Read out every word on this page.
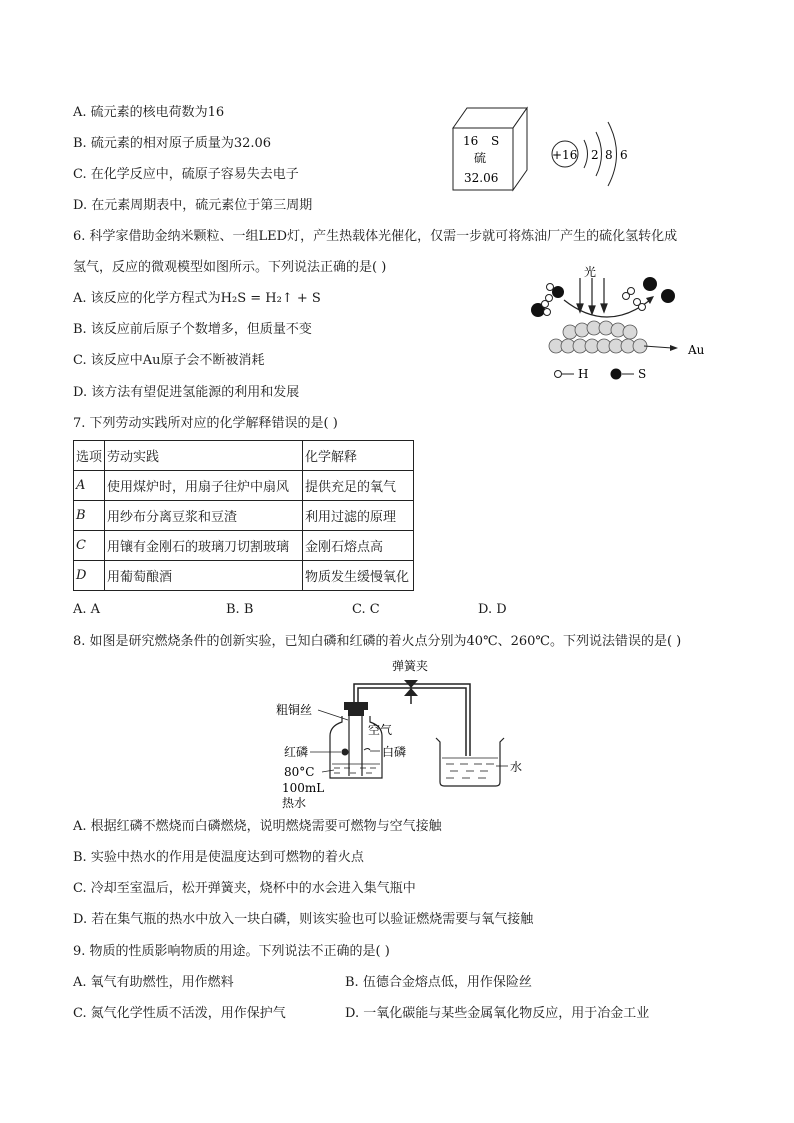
A. 硫元素的核电荷数为16
B. 硫元素的相对原子质量为32.06
C. 在化学反应中，硫原子容易失去电子
D. 在元素周期表中，硫元素位于第三周期
16 S
硫
32.06
+16 2 8 6
6. 科学家借助金纳米颗粒、一组LED灯，产生热载体光催化，仅需一步就可将炼油厂产生的硫化氢转化成
氢气，反应的微观模型如图所示。下列说法正确的是( )
A. 该反应的化学方程式为H₂S = H₂↑ + S
B. 该反应前后原子个数增多，但质量不变
C. 该反应中Au原子会不断被消耗
D. 该方法有望促进氢能源的利用和发展
光
Au
H	S
7. 下列劳动实践所对应的化学解释错误的是( )
选项	劳动实践	化学解释
A	使用煤炉时，用扇子往炉中扇风	提供充足的氧气
B	用纱布分离豆浆和豆渣	利用过滤的原理
C	用镶有金刚石的玻璃刀切割玻璃	金刚石熔点高
D	用葡萄酿酒	物质发生缓慢氧化
A. A	B. B	C. C	D. D
8. 如图是研究燃烧条件的创新实验，已知白磷和红磷的着火点分别为40℃、260℃。下列说法错误的是( )
弹簧夹
粗铜丝
空气
红磷	白磷
80°C
100mL
热水
水
A. 根据红磷不燃烧而白磷燃烧，说明燃烧需要可燃物与空气接触
B. 实验中热水的作用是使温度达到可燃物的着火点
C. 冷却至室温后，松开弹簧夹，烧杯中的水会进入集气瓶中
D. 若在集气瓶的热水中放入一块白磷，则该实验也可以验证燃烧需要与氧气接触
9. 物质的性质影响物质的用途。下列说法不正确的是( )
A. 氧气有助燃性，用作燃料	B. 伍德合金熔点低，用作保险丝
C. 氮气化学性质不活泼，用作保护气	D. 一氧化碳能与某些金属氧化物反应，用于冶金工业
